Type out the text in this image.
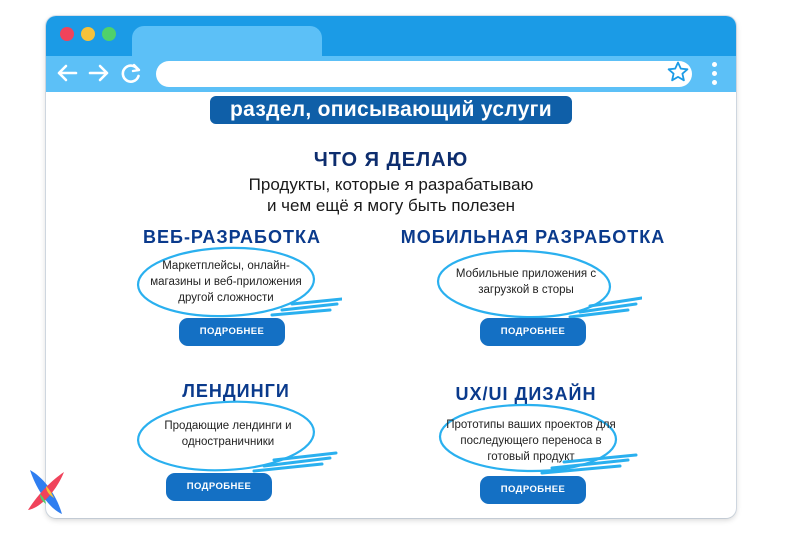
раздел, описывающий услуги
ЧТО Я ДЕЛАЮ
Продукты, которые я разрабатываю
и чем ещё я могу быть полезен
ВЕБ-РАЗРАБОТКА
Маркетплейсы, онлайн-
магазины и веб-приложения
другой сложности
ПОДРОБНЕЕ
МОБИЛЬНАЯ РАЗРАБОТКА
Мобильные приложения с
загрузкой в сторы
ПОДРОБНЕЕ
ЛЕНДИНГИ
Продающие лендинги и
одностраничники
ПОДРОБНЕЕ
UX/UI ДИЗАЙН
Прототипы ваших проектов для
последующего переноса в
готовый продукт
ПОДРОБНЕЕ
